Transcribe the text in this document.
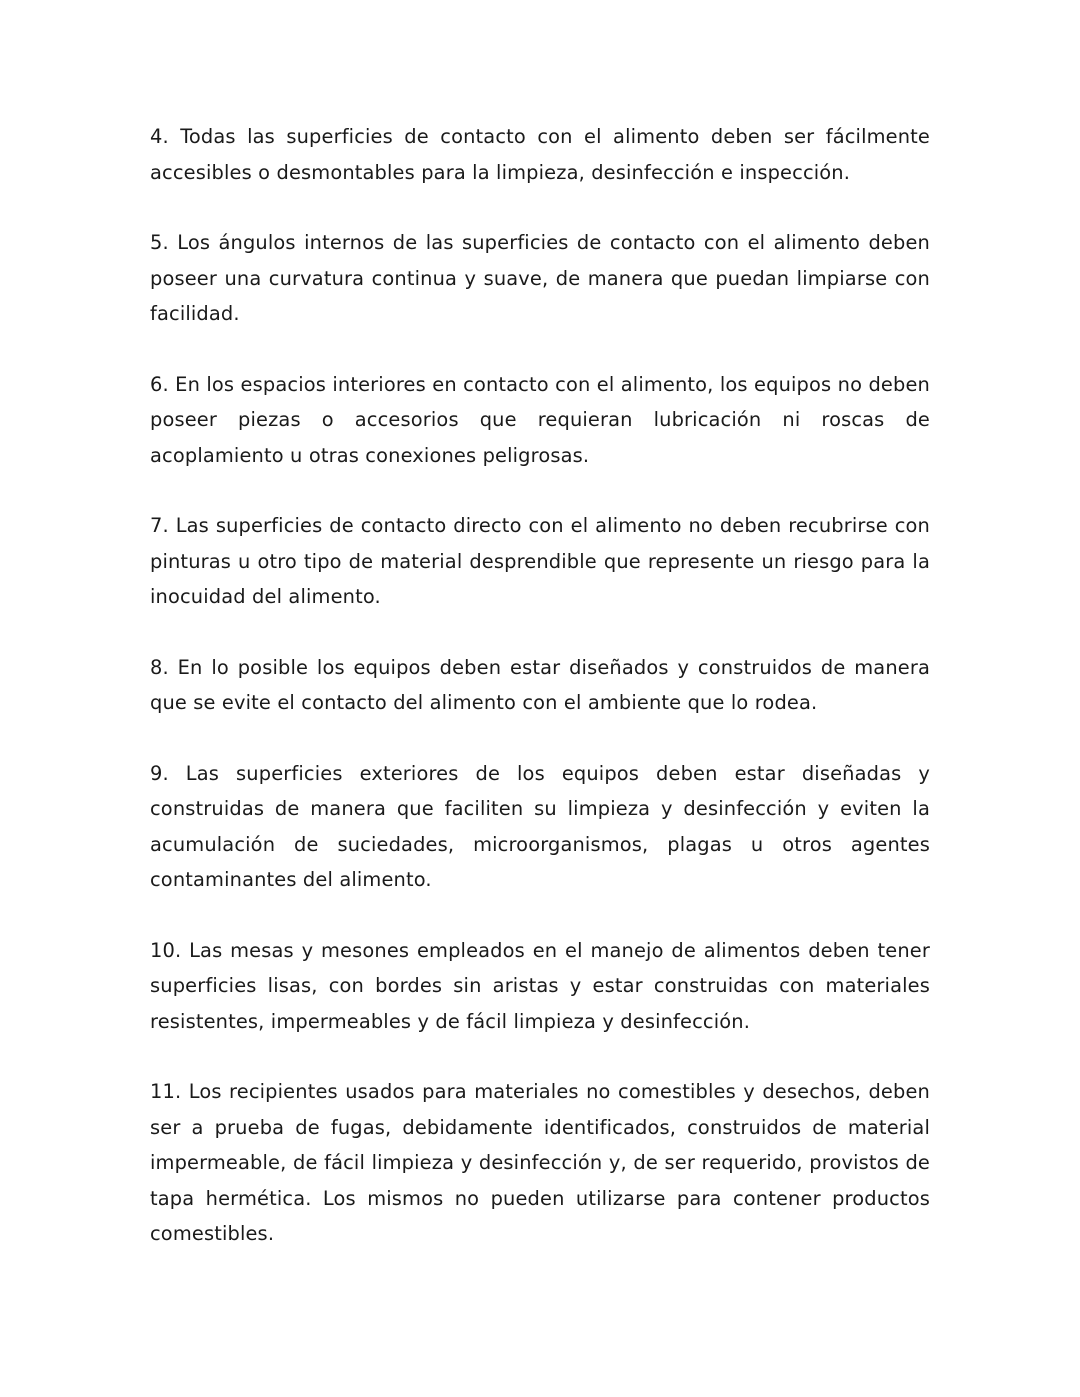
4. Todas las superficies de contacto con el alimento deben ser fácilmente accesibles o desmontables para la limpieza, desinfección e inspección.

5. Los ángulos internos de las superficies de contacto con el alimento deben poseer una curvatura continua y suave, de manera que puedan limpiarse con facilidad.

6. En los espacios interiores en contacto con el alimento, los equipos no deben poseer piezas o accesorios que requieran lubricación ni roscas de acoplamiento u otras conexiones peligrosas.

7. Las superficies de contacto directo con el alimento no deben recubrirse con pinturas u otro tipo de material desprendible que represente un riesgo para la inocuidad del alimento.

8. En lo posible los equipos deben estar diseñados y construidos de manera que se evite el contacto del alimento con el ambiente que lo rodea.

9. Las superficies exteriores de los equipos deben estar diseñadas y construidas de manera que faciliten su limpieza y desinfección y eviten la acumulación de suciedades, microorganismos, plagas u otros agentes contaminantes del alimento.

10. Las mesas y mesones empleados en el manejo de alimentos deben tener superficies lisas, con bordes sin aristas y estar construidas con materiales resistentes, impermeables y de fácil limpieza y desinfección.

11. Los recipientes usados para materiales no comestibles y desechos, deben ser a prueba de fugas, debidamente identificados, construidos de material impermeable, de fácil limpieza y desinfección y, de ser requerido, provistos de tapa hermética. Los mismos no pueden utilizarse para contener productos comestibles.
